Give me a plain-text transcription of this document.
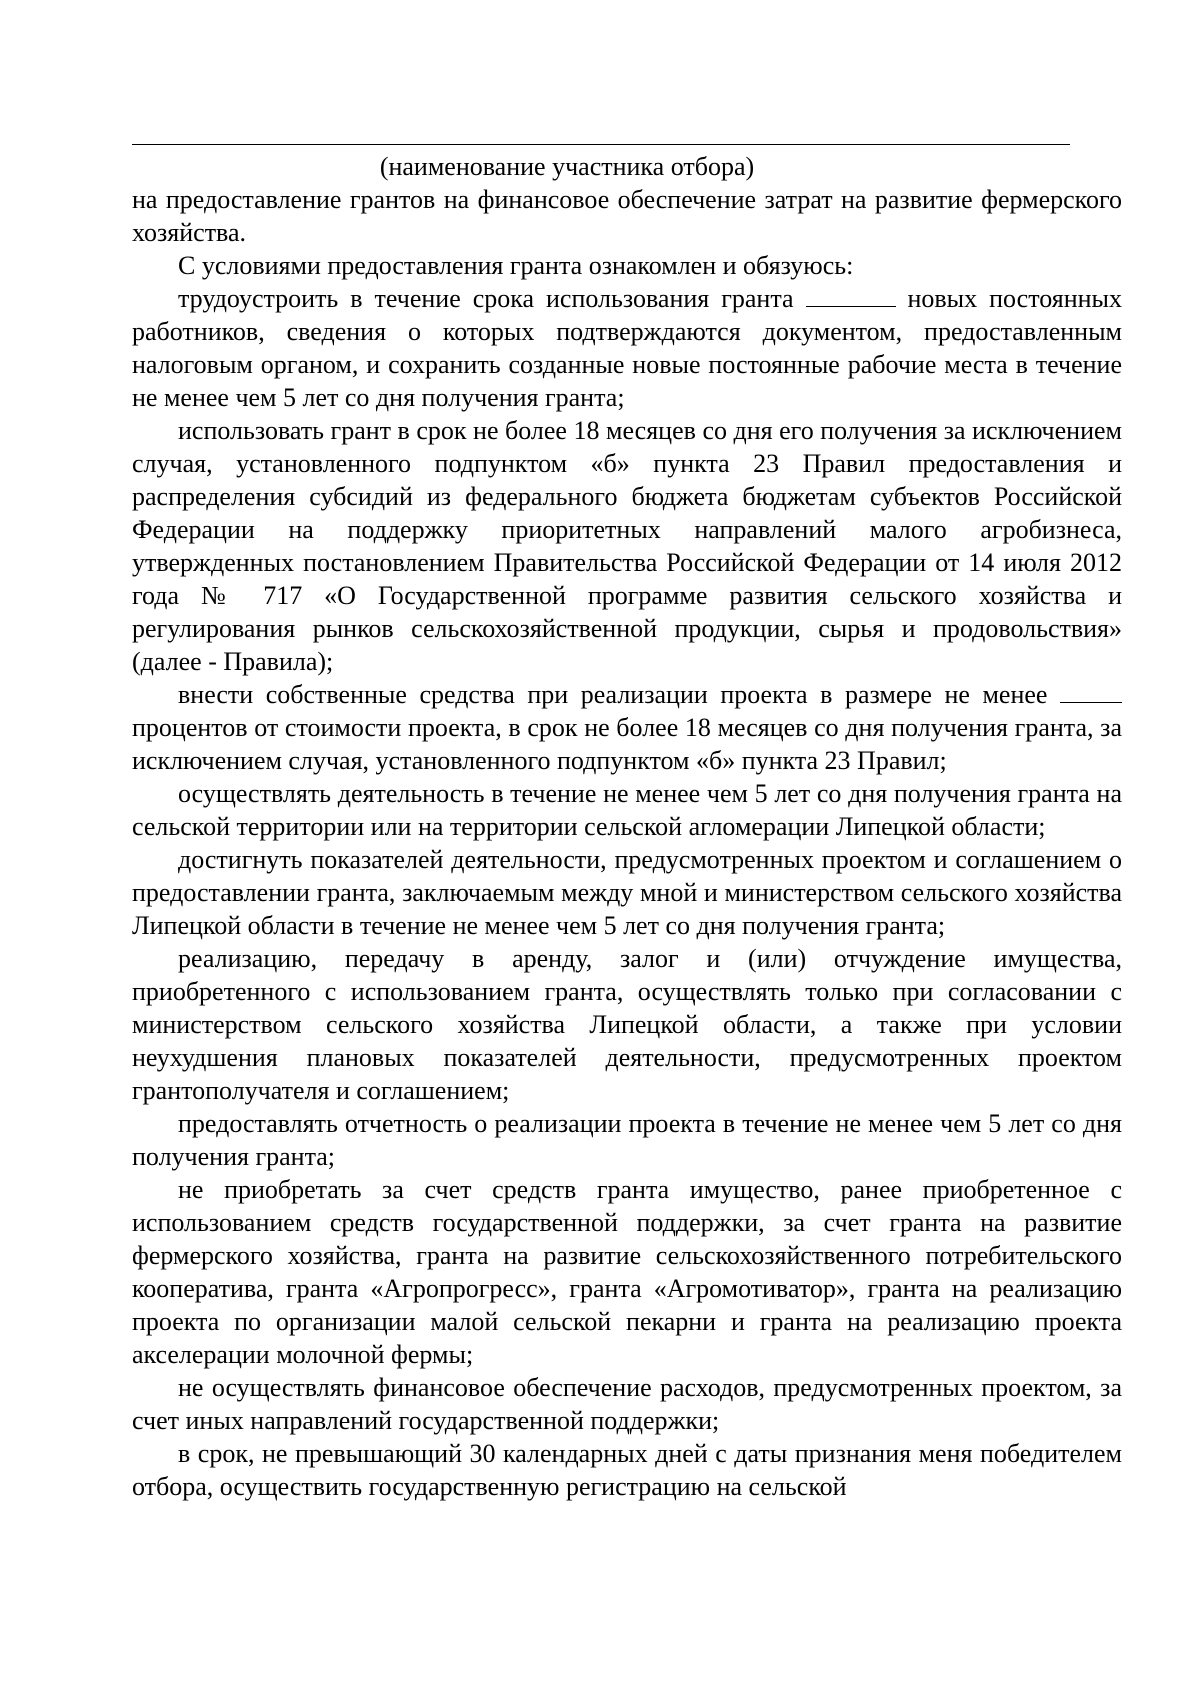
(наименование участника отбора)

на предоставление грантов на финансовое обеспечение затрат на развитие фермерского хозяйства.

С условиями предоставления гранта ознакомлен и обязуюсь:

трудоустроить в течение срока использования гранта	новых постоянных работников, сведения о которых подтверждаются документом, предоставленным налоговым органом, и сохранить созданные новые постоянные рабочие места в течение не менее чем 5 лет со дня получения гранта;

использовать грант в срок не более 18 месяцев со дня его получения за исключением случая, установленного подпунктом «б» пункта 23 Правил предоставления и распределения субсидий из федерального бюджета бюджетам субъектов Российской Федерации на поддержку приоритетных направлений малого агробизнеса, утвержденных постановлением Правительства Российской Федерации от 14 июля 2012 года № 717 «О Государственной программе развития сельского хозяйства и регулирования рынков сельскохозяйственной продукции, сырья и продовольствия» (далее - Правила);

внести собственные средства при реализации проекта в размере не менее  процентов от стоимости проекта, в срок не более 18 месяцев со дня получения гранта, за исключением случая, установленного подпунктом «б» пункта 23 Правил;

осуществлять деятельность в течение не менее чем 5 лет со дня получения гранта на сельской территории или на территории сельской агломерации Липецкой области;

достигнуть показателей деятельности, предусмотренных проектом и соглашением о предоставлении гранта, заключаемым между мной и министерством сельского хозяйства Липецкой области в течение не менее чем 5 лет со дня получения гранта;

реализацию, передачу в аренду, залог и (или) отчуждение имущества, приобретенного с использованием гранта, осуществлять только при согласовании с министерством сельского хозяйства Липецкой области, а также при условии неухудшения плановых показателей деятельности, предусмотренных проектом грантополучателя и соглашением;

предоставлять отчетность о реализации проекта в течение не менее чем 5 лет со дня получения гранта;

не приобретать за счет средств гранта имущество, ранее приобретенное с использованием средств государственной поддержки, за счет гранта на развитие фермерского хозяйства, гранта на развитие сельскохозяйственного потребительского кооператива, гранта «Агропрогресс», гранта «Агромотиватор», гранта на реализацию проекта по организации малой сельской пекарни и гранта на реализацию проекта акселерации молочной фермы;

не осуществлять финансовое обеспечение расходов, предусмотренных проектом, за счет иных направлений государственной поддержки;

в срок, не превышающий 30 календарных дней с даты признания меня победителем отбора, осуществить государственную регистрацию на сельской
